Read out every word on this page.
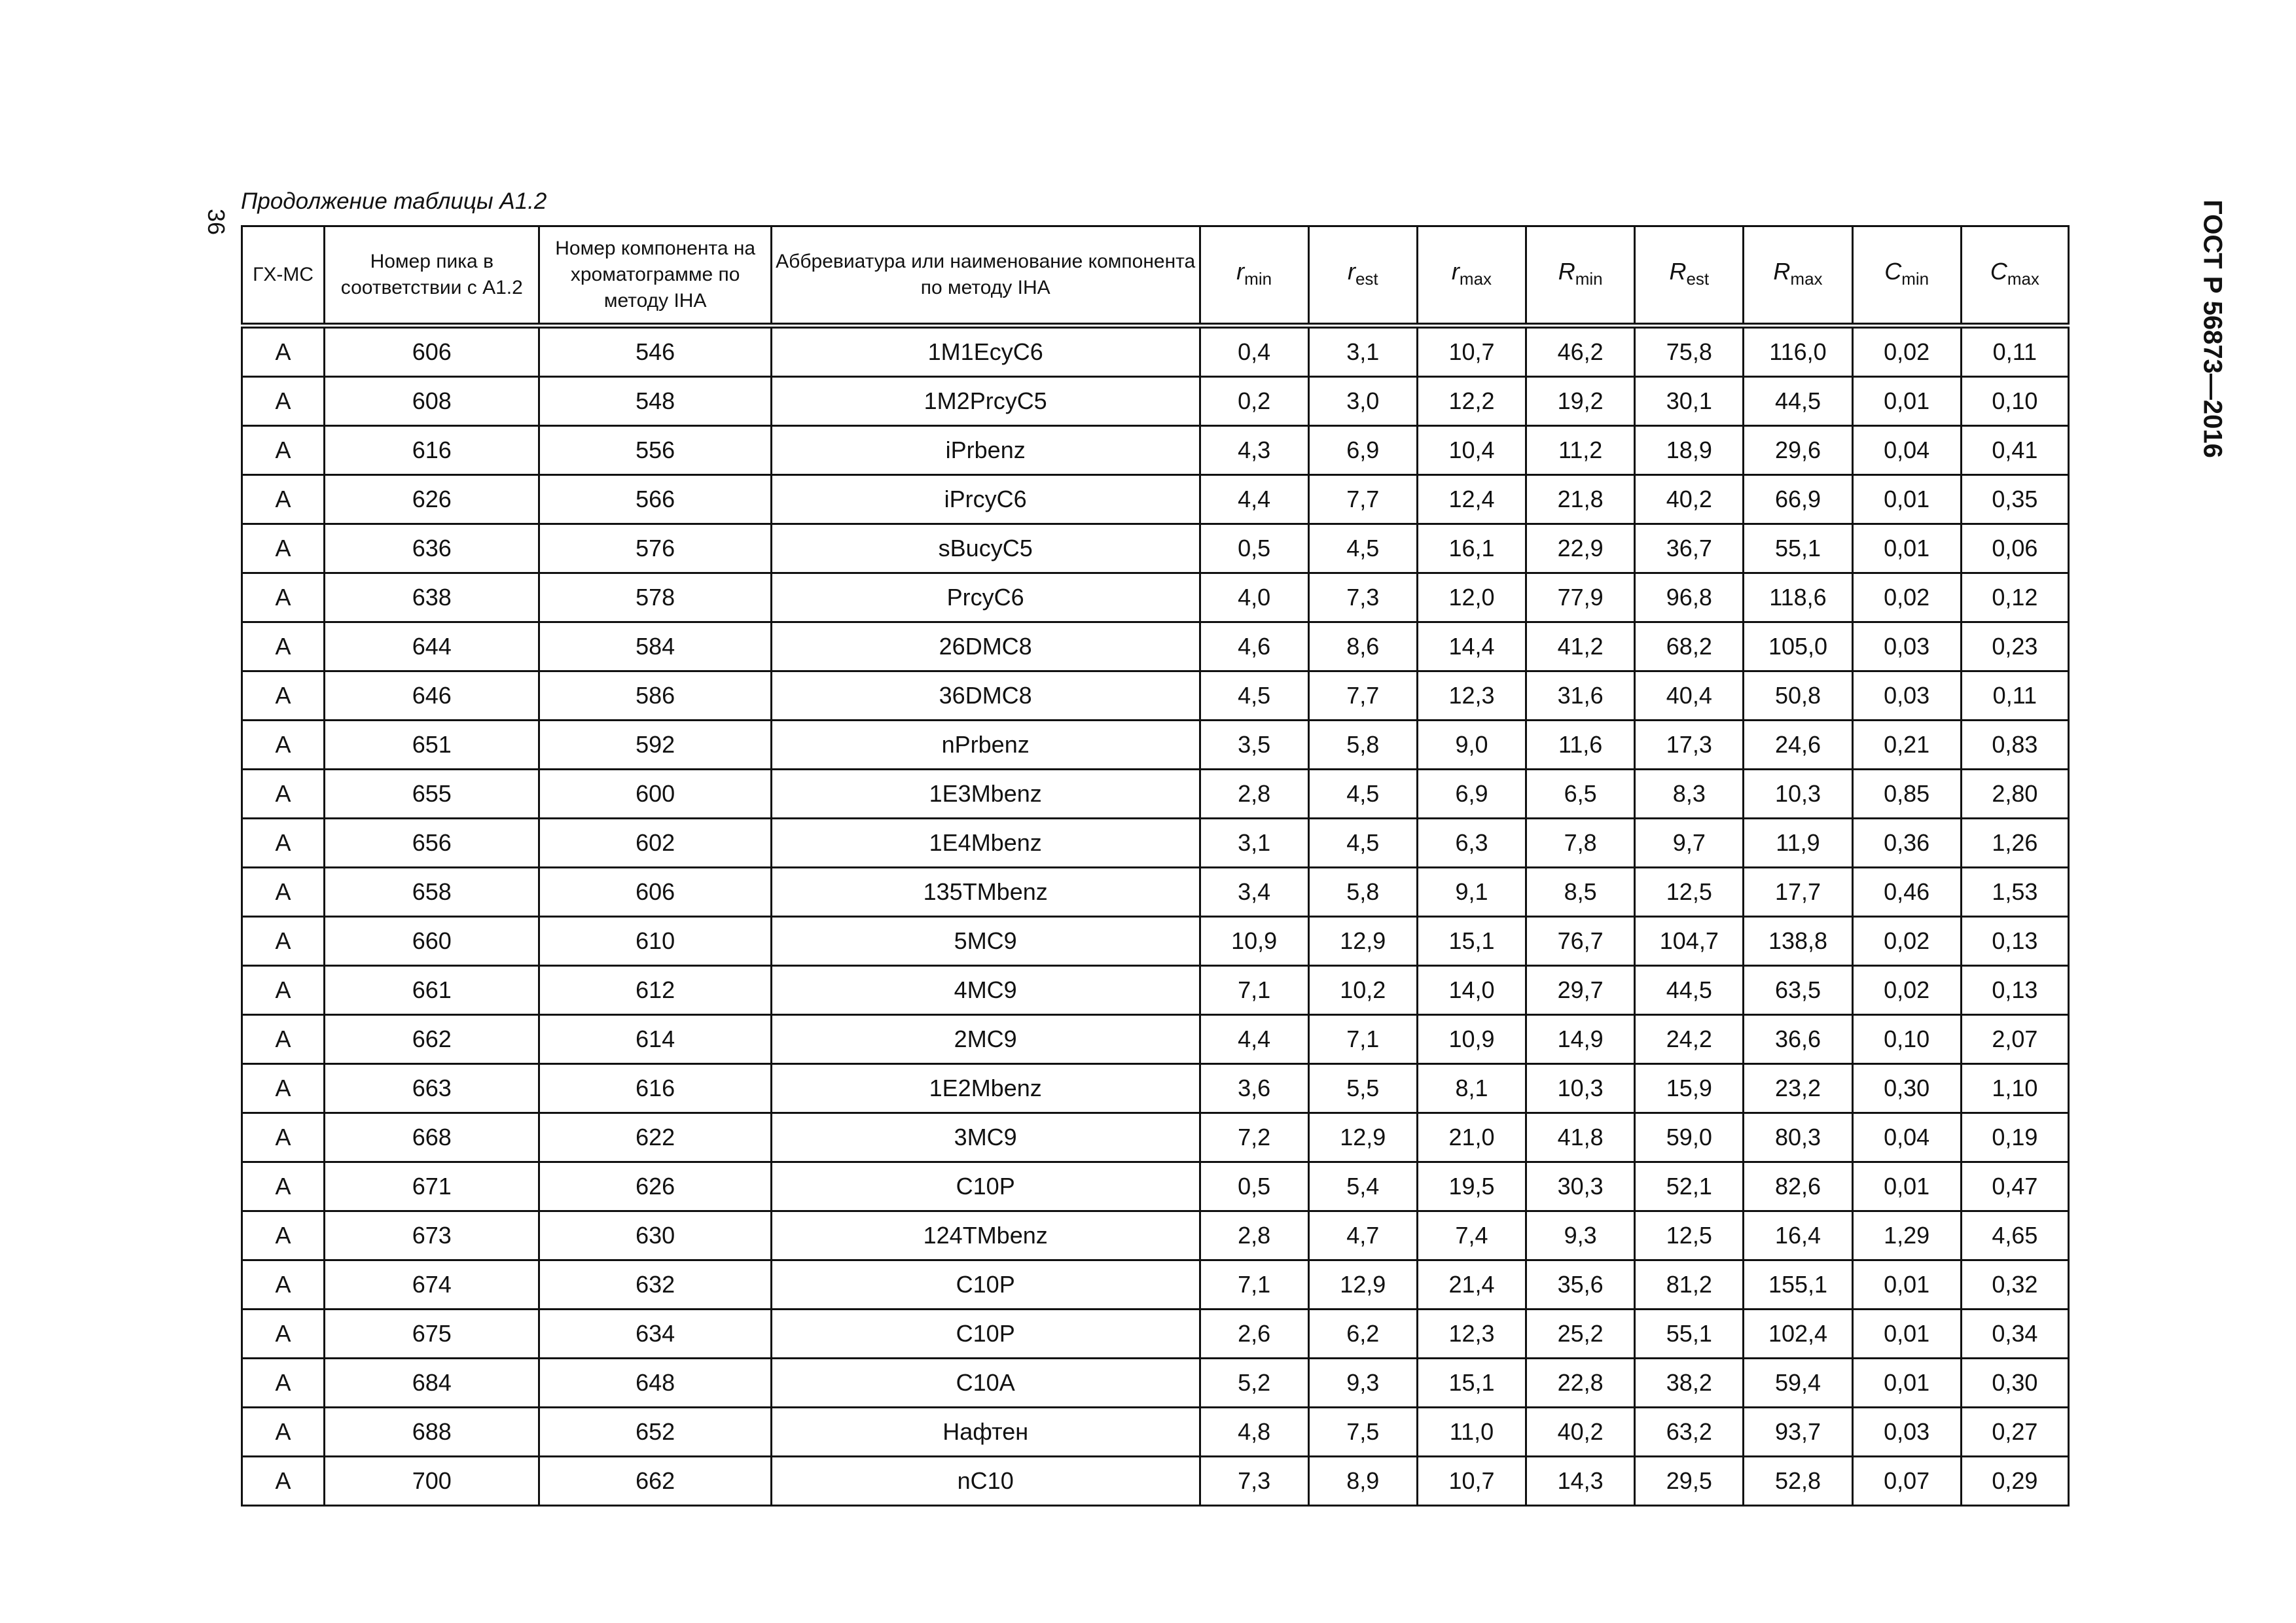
36
Продолжение таблицы А1.2	ГОСТ Р 56873—2016
ГХ-МС	Номер пика в соответствии с А1.2	Номер компонента на хроматограмме по методу IHA	Аббревиатура или наименование компонента по методу IHA	$r_{min}$	$r_{est}$	$r_{max}$	$R_{min}$	$R_{est}$	$R_{max}$	$C_{min}$	$C_{max}$
A	606	546	1M1EcyC6	0,4	3,1	10,7	46,2	75,8	116,0	0,02	0,11
A	608	548	1M2PrcyC5	0,2	3,0	12,2	19,2	30,1	44,5	0,01	0,10
A	616	556	iPrbenz	4,3	6,9	10,4	11,2	18,9	29,6	0,04	0,41
A	626	566	iPrcyC6	4,4	7,7	12,4	21,8	40,2	66,9	0,01	0,35
A	636	576	sBucyC5	0,5	4,5	16,1	22,9	36,7	55,1	0,01	0,06
A	638	578	PrcyC6	4,0	7,3	12,0	77,9	96,8	118,6	0,02	0,12
A	644	584	26DMC8	4,6	8,6	14,4	41,2	68,2	105,0	0,03	0,23
A	646	586	36DMC8	4,5	7,7	12,3	31,6	40,4	50,8	0,03	0,11
A	651	592	nPrbenz	3,5	5,8	9,0	11,6	17,3	24,6	0,21	0,83
A	655	600	1E3Mbenz	2,8	4,5	6,9	6,5	8,3	10,3	0,85	2,80
A	656	602	1E4Mbenz	3,1	4,5	6,3	7,8	9,7	11,9	0,36	1,26
A	658	606	135TMbenz	3,4	5,8	9,1	8,5	12,5	17,7	0,46	1,53
A	660	610	5MC9	10,9	12,9	15,1	76,7	104,7	138,8	0,02	0,13
A	661	612	4MC9	7,1	10,2	14,0	29,7	44,5	63,5	0,02	0,13
A	662	614	2MC9	4,4	7,1	10,9	14,9	24,2	36,6	0,10	2,07
A	663	616	1E2Mbenz	3,6	5,5	8,1	10,3	15,9	23,2	0,30	1,10
A	668	622	3MC9	7,2	12,9	21,0	41,8	59,0	80,3	0,04	0,19
A	671	626	C10P	0,5	5,4	19,5	30,3	52,1	82,6	0,01	0,47
A	673	630	124TMbenz	2,8	4,7	7,4	9,3	12,5	16,4	1,29	4,65
A	674	632	C10P	7,1	12,9	21,4	35,6	81,2	155,1	0,01	0,32
A	675	634	C10P	2,6	6,2	12,3	25,2	55,1	102,4	0,01	0,34
A	684	648	C10A	5,2	9,3	15,1	22,8	38,2	59,4	0,01	0,30
A	688	652	Нафтен	4,8	7,5	11,0	40,2	63,2	93,7	0,03	0,27
A	700	662	nC10	7,3	8,9	10,7	14,3	29,5	52,8	0,07	0,29
